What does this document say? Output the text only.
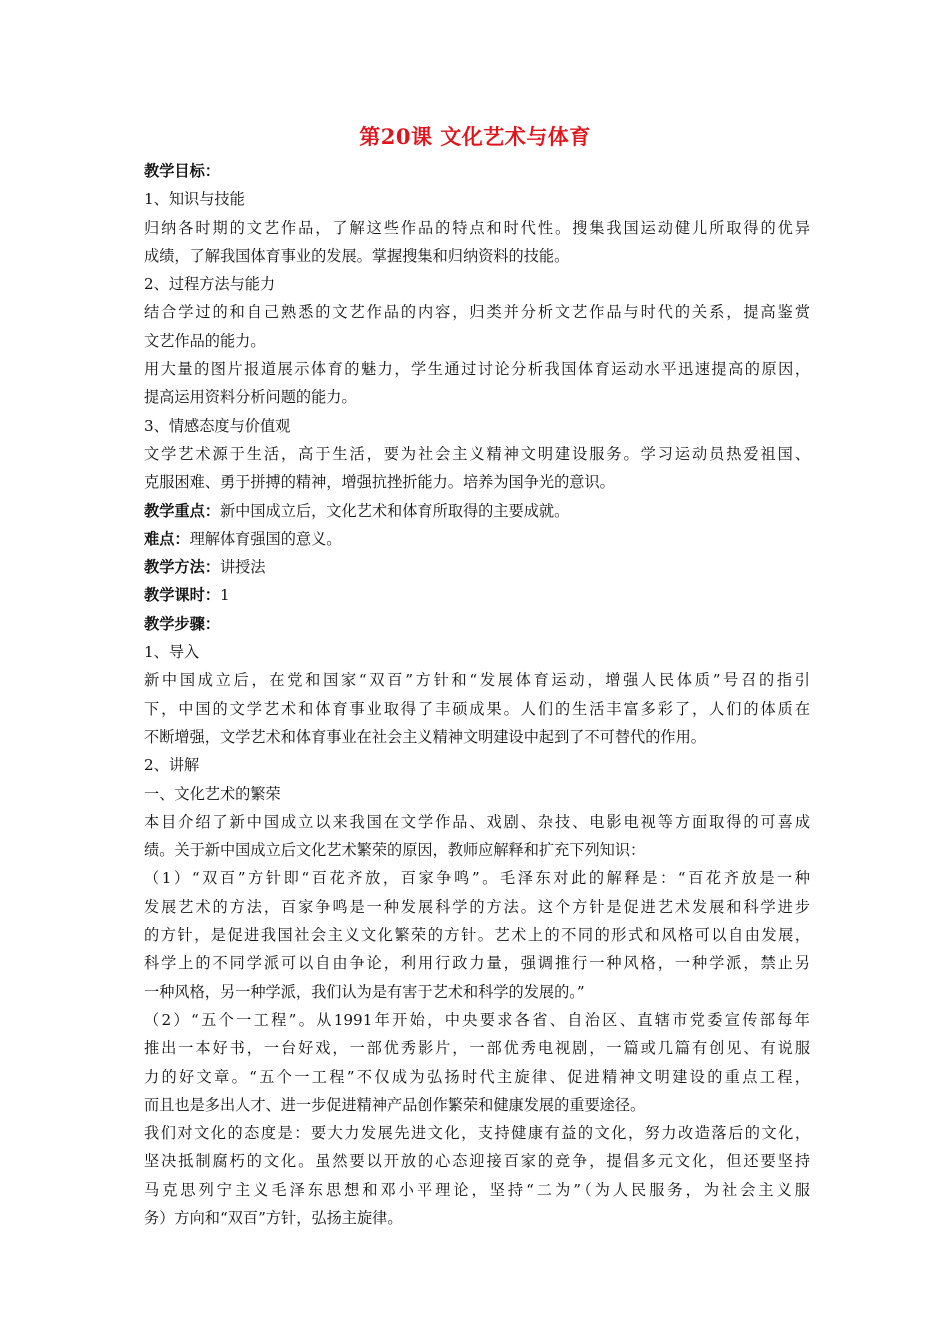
第20课 文化艺术与体育
教学目标：
1、知识与技能
归纳各时期的文艺作品，了解这些作品的特点和时代性。搜集我国运动健儿所取得的优异
成绩，了解我国体育事业的发展。掌握搜集和归纳资料的技能。
2、过程方法与能力
结合学过的和自己熟悉的文艺作品的内容，归类并分析文艺作品与时代的关系，提高鉴赏
文艺作品的能力。
用大量的图片报道展示体育的魅力，学生通过讨论分析我国体育运动水平迅速提高的原因，
提高运用资料分析问题的能力。
3、情感态度与价值观
文学艺术源于生活，高于生活，要为社会主义精神文明建设服务。学习运动员热爱祖国、
克服困难、勇于拼搏的精神，增强抗挫折能力。培养为国争光的意识。
教学重点：新中国成立后，文化艺术和体育所取得的主要成就。
难点：理解体育强国的意义。
教学方法：讲授法
教学课时：1
教学步骤：
1、导入
新中国成立后，在党和国家“双百”方针和“发展体育运动，增强人民体质”号召的指引
下，中国的文学艺术和体育事业取得了丰硕成果。人们的生活丰富多彩了，人们的体质在
不断增强，文学艺术和体育事业在社会主义精神文明建设中起到了不可替代的作用。
2、讲解
一、文化艺术的繁荣
本目介绍了新中国成立以来我国在文学作品、戏剧、杂技、电影电视等方面取得的可喜成
绩。关于新中国成立后文化艺术繁荣的原因，教师应解释和扩充下列知识：
（1）“双百”方针即“百花齐放，百家争鸣”。毛泽东对此的解释是：“百花齐放是一种
发展艺术的方法，百家争鸣是一种发展科学的方法。这个方针是促进艺术发展和科学进步
的方针，是促进我国社会主义文化繁荣的方针。艺术上的不同的形式和风格可以自由发展，
科学上的不同学派可以自由争论，利用行政力量，强调推行一种风格，一种学派，禁止另
一种风格，另一种学派，我们认为是有害于艺术和科学的发展的。”
（2）“五个一工程”。从1991年开始，中央要求各省、自治区、直辖市党委宣传部每年
推出一本好书，一台好戏，一部优秀影片，一部优秀电视剧，一篇或几篇有创见、有说服
力的好文章。“五个一工程”不仅成为弘扬时代主旋律、促进精神文明建设的重点工程，
而且也是多出人才、进一步促进精神产品创作繁荣和健康发展的重要途径。
我们对文化的态度是：要大力发展先进文化，支持健康有益的文化，努力改造落后的文化，
坚决抵制腐朽的文化。虽然要以开放的心态迎接百家的竞争，提倡多元文化，但还要坚持
马克思列宁主义毛泽东思想和邓小平理论，坚持“二为”（为人民服务，为社会主义服
务）方向和“双百”方针，弘扬主旋律。
